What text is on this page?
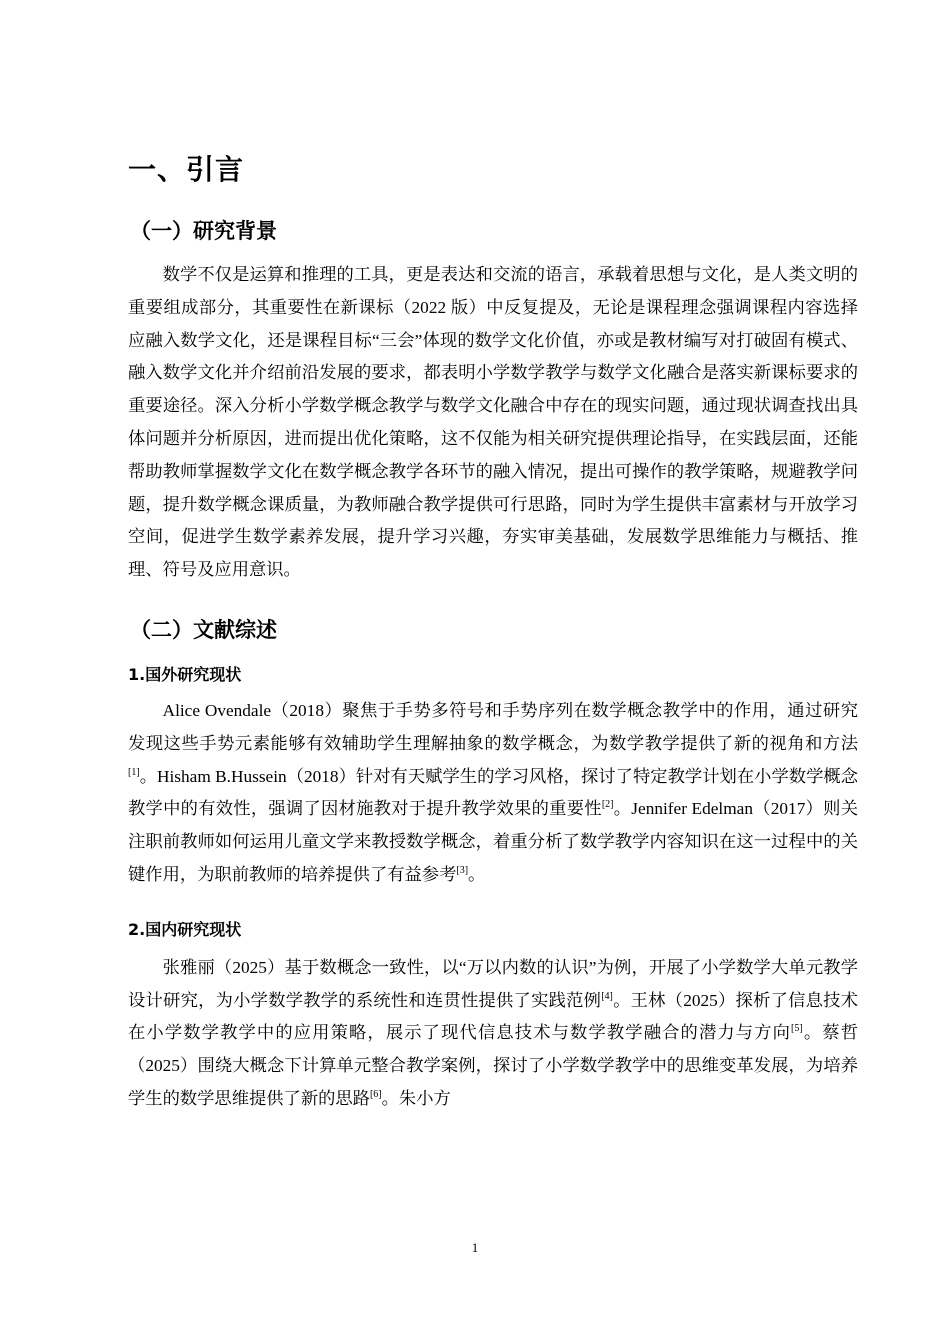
一、引言
（一）研究背景

数学不仅是运算和推理的工具，更是表达和交流的语言，承载着思想与文化，是人类文明的重要组成部分，其重要性在新课标（2022 版）中反复提及，无论是课程理念强调课程内容选择应融入数学文化，还是课程目标“三会”体现的数学文化价值，亦或是教材编写对打破固有模式、融入数学文化并介绍前沿发展的要求，都表明小学数学教学与数学文化融合是落实新课标要求的重要途径。深入分析小学数学概念教学与数学文化融合中存在的现实问题，通过现状调查找出具体问题并分析原因，进而提出优化策略，这不仅能为相关研究提供理论指导，在实践层面，还能帮助教师掌握数学文化在数学概念教学各环节的融入情况，提出可操作的教学策略，规避教学问题，提升数学概念课质量，为教师融合教学提供可行思路，同时为学生提供丰富素材与开放学习空间，促进学生数学素养发展，提升学习兴趣，夯实审美基础，发展数学思维能力与概括、推理、符号及应用意识。

（二）文献综述
1.国外研究现状

Alice Ovendale（2018）聚焦于手势多符号和手势序列在数学概念教学中的作用，通过研究发现这些手势元素能够有效辅助学生理解抽象的数学概念，为数学教学提供了新的视角和方法[1]。Hisham B.Hussein（2018）针对有天赋学生的学习风格，探讨了特定教学计划在小学数学概念教学中的有效性，强调了因材施教对于提升教学效果的重要性[2]。Jennifer Edelman（2017）则关注职前教师如何运用儿童文学来教授数学概念，着重分析了数学教学内容知识在这一过程中的关键作用，为职前教师的培养提供了有益参考[3]。

2.国内研究现状

张雅丽（2025）基于数概念一致性，以“万以内数的认识”为例，开展了小学数学大单元教学设计研究，为小学数学教学的系统性和连贯性提供了实践范例[4]。王林（2025）探析了信息技术在小学数学教学中的应用策略，展示了现代信息技术与数学教学融合的潜力与方向[5]。蔡哲（2025）围绕大概念下计算单元整合教学案例，探讨了小学数学教学中的思维变革发展，为培养学生的数学思维提供了新的思路[6]。朱小方

1
